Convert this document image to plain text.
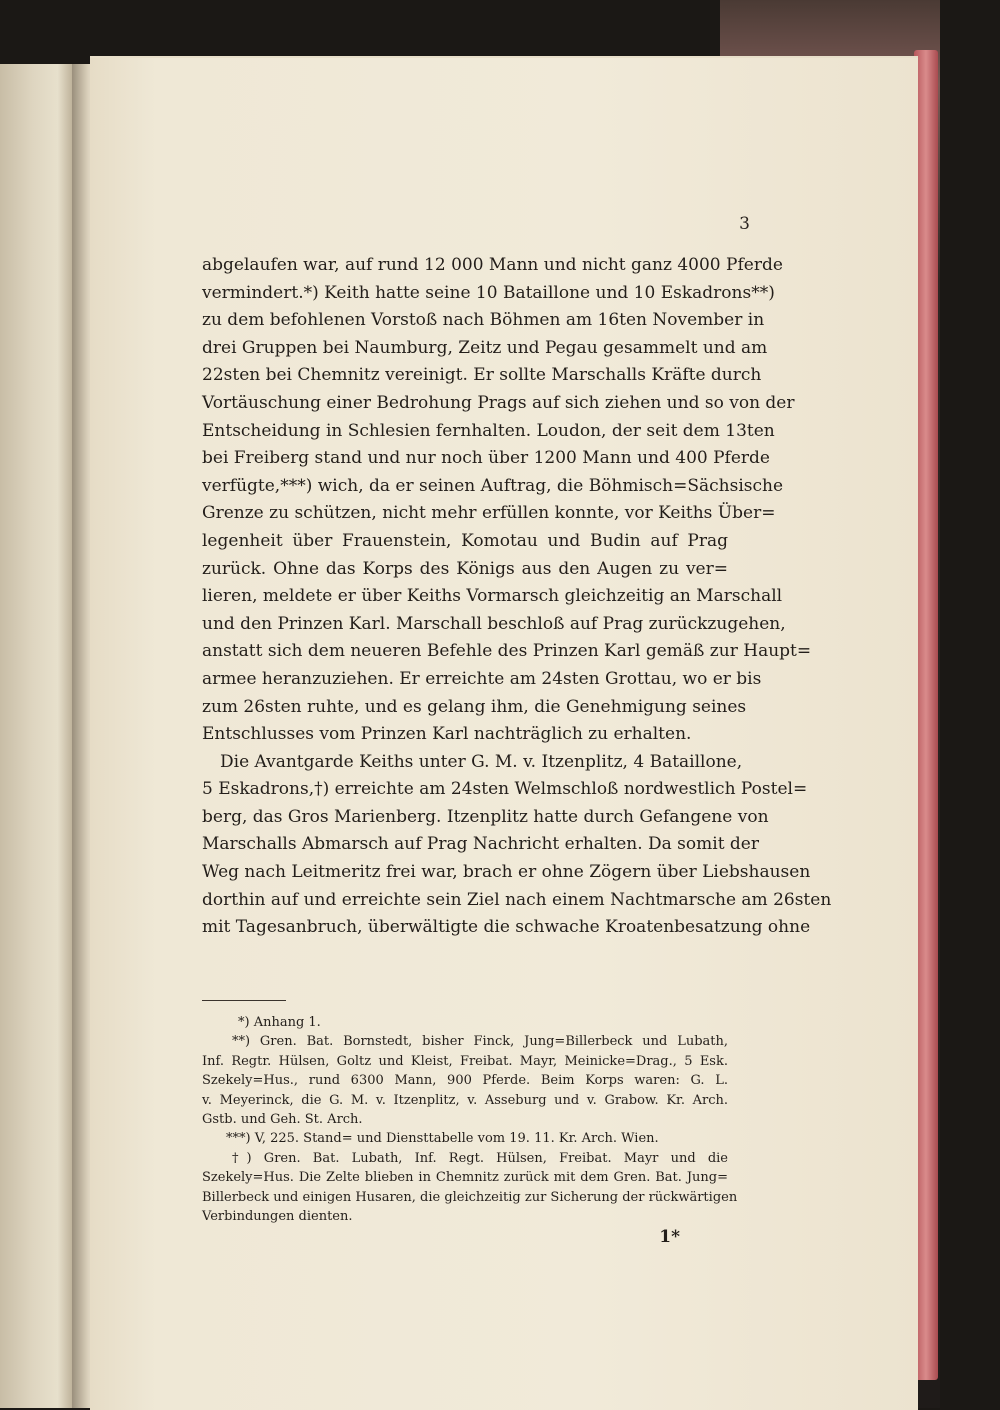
3
abgelaufen war, auf rund 12 000 Mann und nicht ganz 4000 Pferde
vermindert.*) Keith hatte seine 10 Bataillone und 10 Eskadrons**)
zu dem befohlenen Vorstoß nach Böhmen am 16ten November in
drei Gruppen bei Naumburg, Zeitz und Pegau gesammelt und am
22sten bei Chemnitz vereinigt. Er sollte Marschalls Kräfte durch
Vortäuschung einer Bedrohung Prags auf sich ziehen und so von der
Entscheidung in Schlesien fernhalten. Loudon, der seit dem 13ten
bei Freiberg stand und nur noch über 1200 Mann und 400 Pferde
verfügte,***) wich, da er seinen Auftrag, die Böhmisch=Sächsische
Grenze zu schützen, nicht mehr erfüllen konnte, vor Keiths Über=
legenheit über Frauenstein, Komotau und Budin auf Prag
zurück. Ohne das Korps des Königs aus den Augen zu ver=
lieren, meldete er über Keiths Vormarsch gleichzeitig an Marschall
und den Prinzen Karl. Marschall beschloß auf Prag zurückzugehen,
anstatt sich dem neueren Befehle des Prinzen Karl gemäß zur Haupt=
armee heranzuziehen. Er erreichte am 24sten Grottau, wo er bis
zum 26sten ruhte, und es gelang ihm, die Genehmigung seines
Entschlusses vom Prinzen Karl nachträglich zu erhalten.
Die Avantgarde Keiths unter G. M. v. Itzenplitz, 4 Bataillone,
5 Eskadrons,†) erreichte am 24sten Welmschloß nordwestlich Postel=
berg, das Gros Marienberg. Itzenplitz hatte durch Gefangene von
Marschalls Abmarsch auf Prag Nachricht erhalten. Da somit der
Weg nach Leitmeritz frei war, brach er ohne Zögern über Liebshausen
dorthin auf und erreichte sein Ziel nach einem Nachtmarsche am 26sten
mit Tagesanbruch, überwältigte die schwache Kroatenbesatzung ohne
*) Anhang 1.
**) Gren. Bat. Bornstedt, bisher Finck, Jung=Billerbeck und Lubath,
Inf. Regtr. Hülsen, Goltz und Kleist, Freibat. Mayr, Meinicke=Drag., 5 Esk.
Szekely=Hus., rund 6300 Mann, 900 Pferde. Beim Korps waren: G. L.
v. Meyerinck, die G. M. v. Itzenplitz, v. Asseburg und v. Grabow. Kr. Arch.
Gstb. und Geh. St. Arch.
***) V, 225. Stand= und Diensttabelle vom 19. 11. Kr. Arch. Wien.
†) Gren. Bat. Lubath, Inf. Regt. Hülsen, Freibat. Mayr und die
Szekely=Hus. Die Zelte blieben in Chemnitz zurück mit dem Gren. Bat. Jung=
Billerbeck und einigen Husaren, die gleichzeitig zur Sicherung der rückwärtigen
Verbindungen dienten.
1*
